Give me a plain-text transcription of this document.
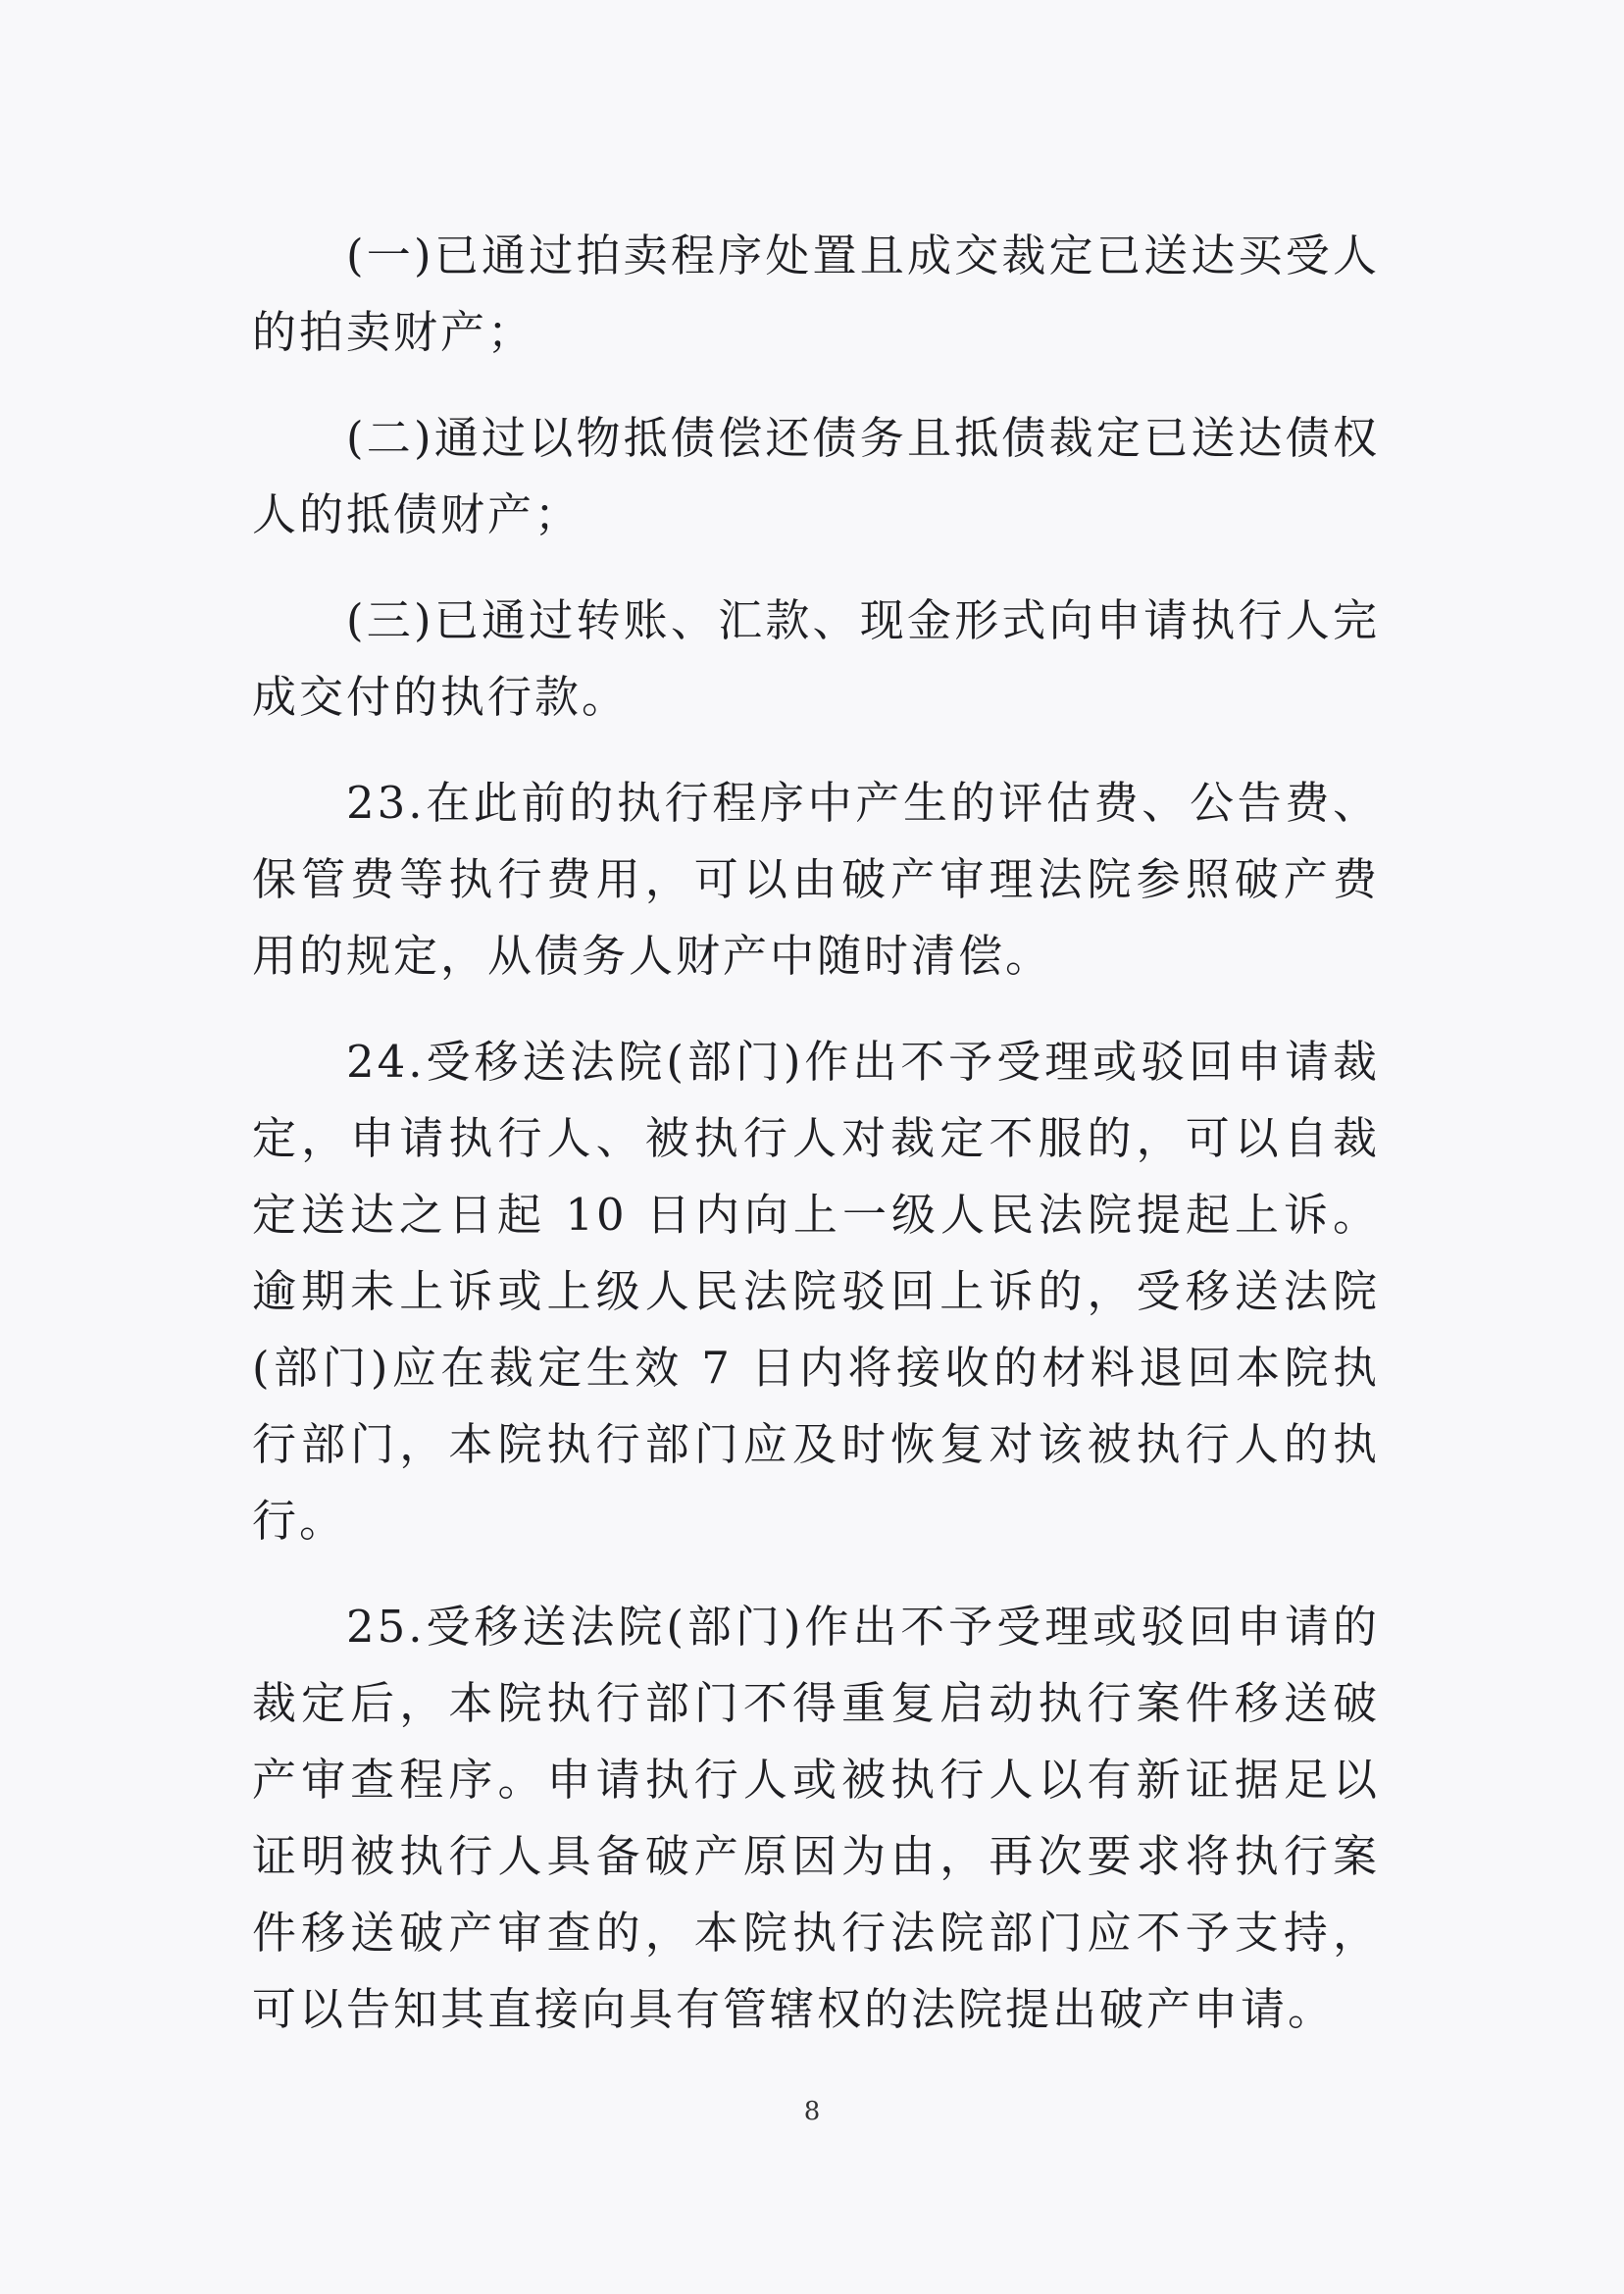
(一)已通过拍卖程序处置且成交裁定已送达买受人的拍卖财产；

(二)通过以物抵债偿还债务且抵债裁定已送达债权人的抵债财产；

(三)已通过转账、汇款、现金形式向申请执行人完成交付的执行款。

23.在此前的执行程序中产生的评估费、公告费、保管费等执行费用，可以由破产审理法院参照破产费用的规定，从债务人财产中随时清偿。

24.受移送法院(部门)作出不予受理或驳回申请裁定，申请执行人、被执行人对裁定不服的，可以自裁定送达之日起 10 日内向上一级人民法院提起上诉。逾期未上诉或上级人民法院驳回上诉的，受移送法院(部门)应在裁定生效 7 日内将接收的材料退回本院执行部门，本院执行部门应及时恢复对该被执行人的执行。

25.受移送法院(部门)作出不予受理或驳回申请的裁定后，本院执行部门不得重复启动执行案件移送破产审查程序。申请执行人或被执行人以有新证据足以证明被执行人具备破产原因为由，再次要求将执行案件移送破产审查的，本院执行法院部门应不予支持，可以告知其直接向具有管辖权的法院提出破产申请。

8
